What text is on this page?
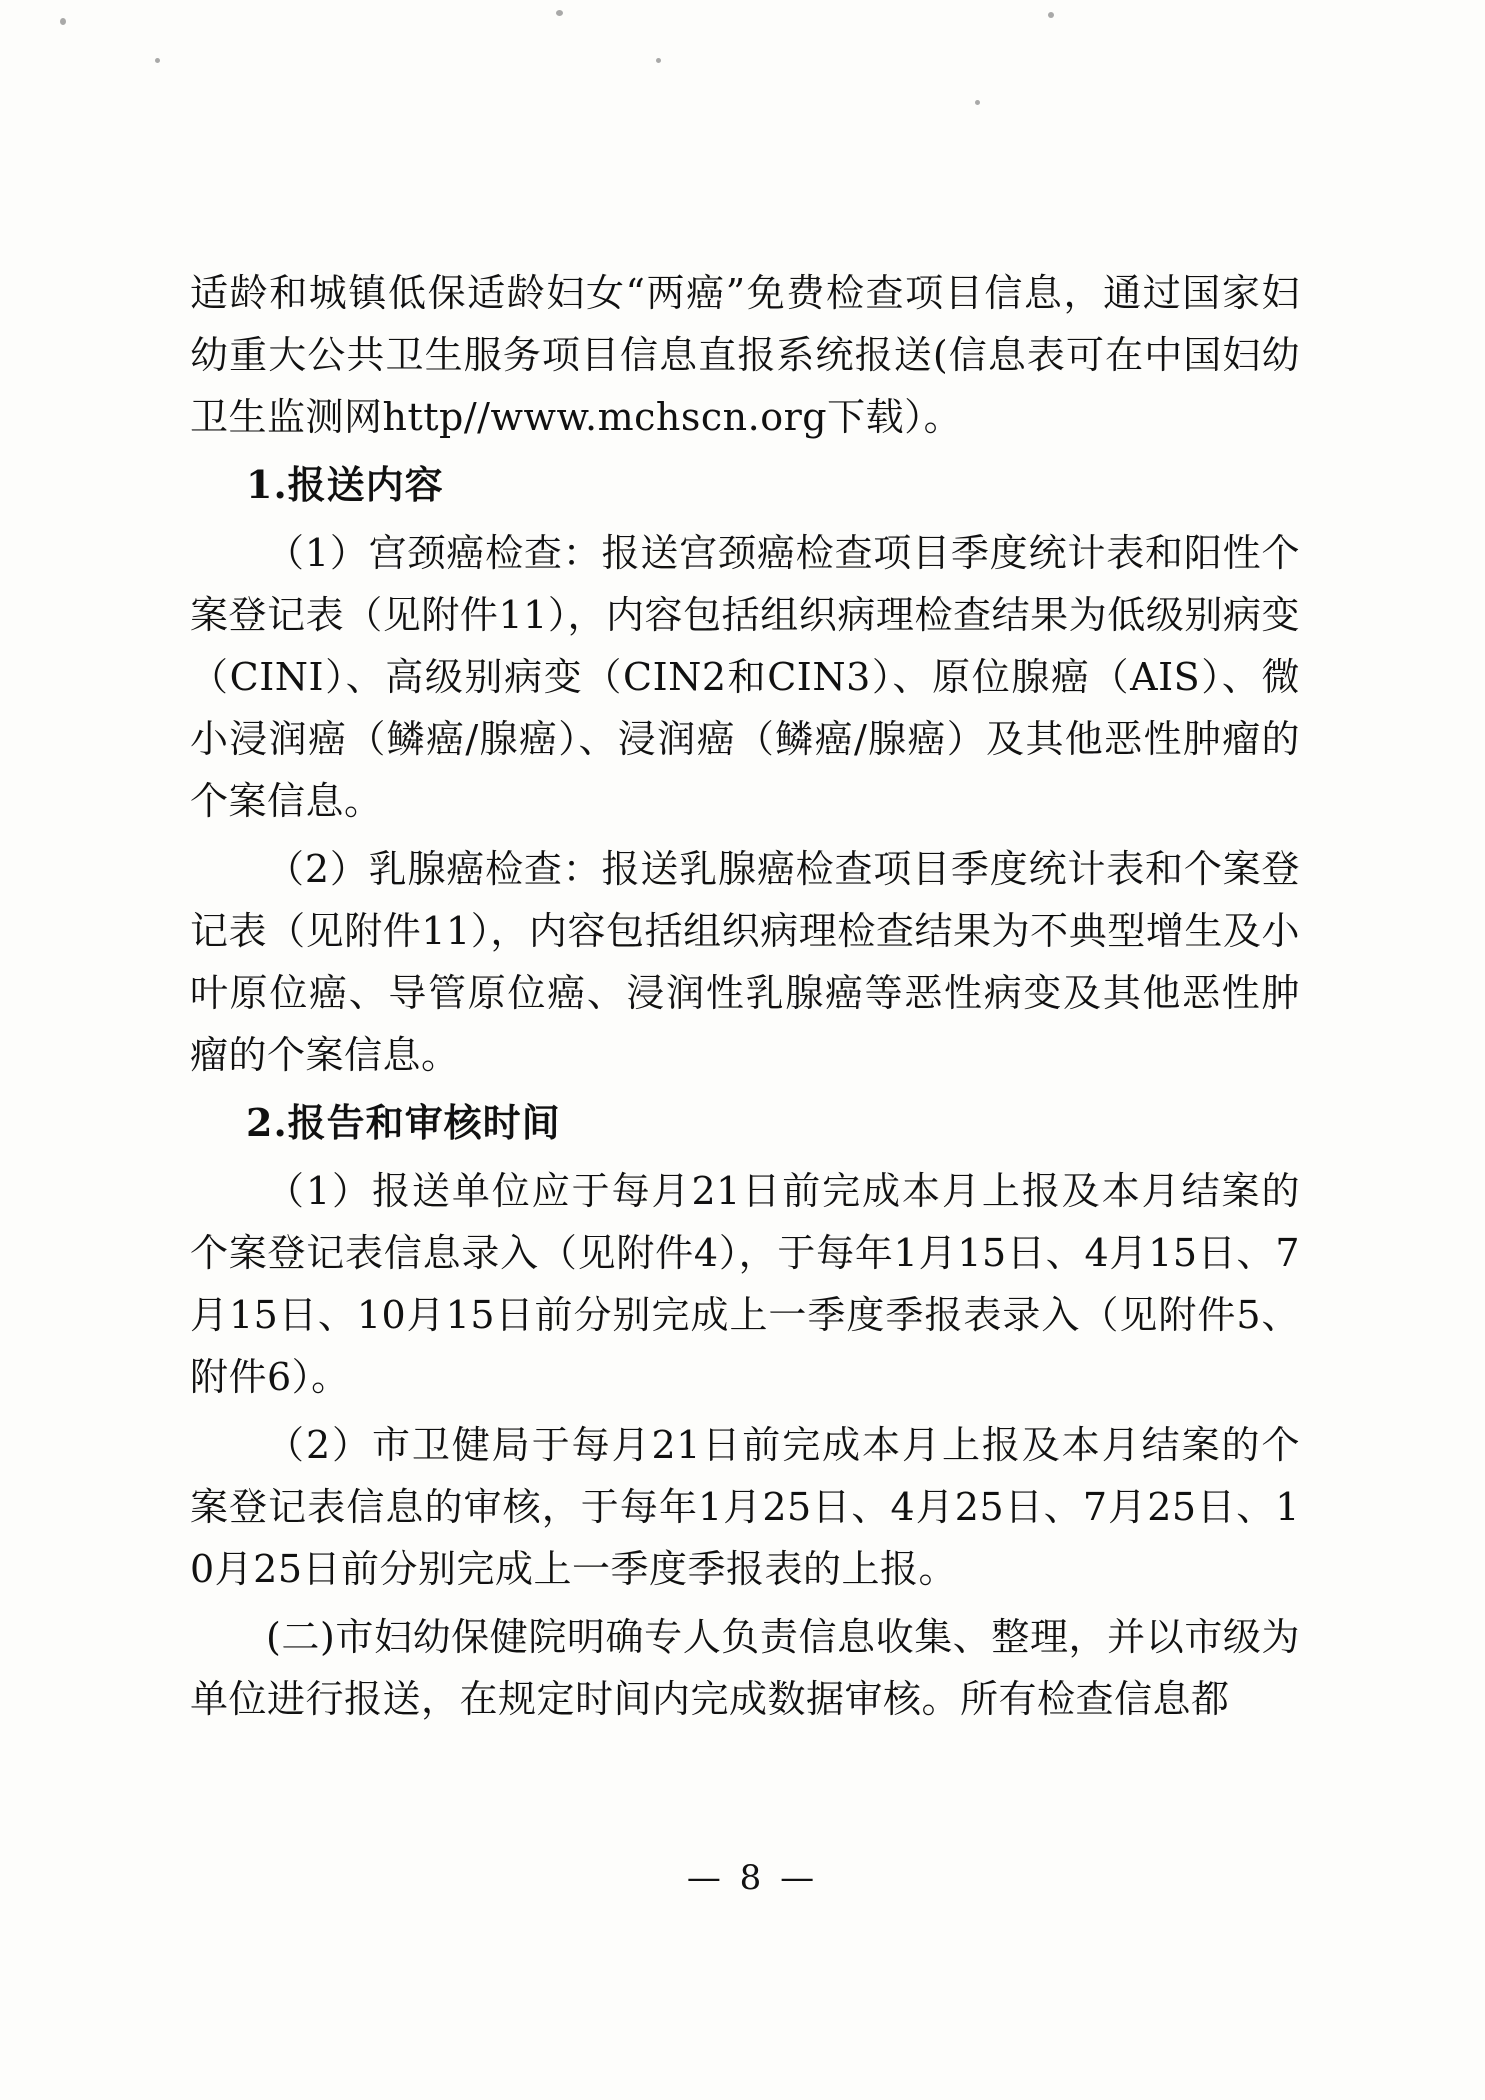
适龄和城镇低保适龄妇女“两癌”免费检查项目信息，通过国家妇幼重大公共卫生服务项目信息直报系统报送(信息表可在中国妇幼卫生监测网http//www.mchscn.org下载）。

1.报送内容

（1）宫颈癌检查：报送宫颈癌检查项目季度统计表和阳性个案登记表（见附件11），内容包括组织病理检查结果为低级别病变（CINI）、高级别病变（CIN2和CIN3）、原位腺癌（AIS）、微小浸润癌（鳞癌/腺癌）、浸润癌（鳞癌/腺癌）及其他恶性肿瘤的个案信息。

（2）乳腺癌检查：报送乳腺癌检查项目季度统计表和个案登记表（见附件11），内容包括组织病理检查结果为不典型增生及小叶原位癌、导管原位癌、浸润性乳腺癌等恶性病变及其他恶性肿瘤的个案信息。

2.报告和审核时间

（1）报送单位应于每月21日前完成本月上报及本月结案的个案登记表信息录入（见附件4），于每年1月15日、4月15日、7月15日、10月15日前分别完成上一季度季报表录入（见附件5、附件6）。

（2）市卫健局于每月21日前完成本月上报及本月结案的个案登记表信息的审核，于每年1月25日、4月25日、7月25日、10月25日前分别完成上一季度季报表的上报。

(二)市妇幼保健院明确专人负责信息收集、整理，并以市级为单位进行报送，在规定时间内完成数据审核。所有检查信息都

— 8 —
